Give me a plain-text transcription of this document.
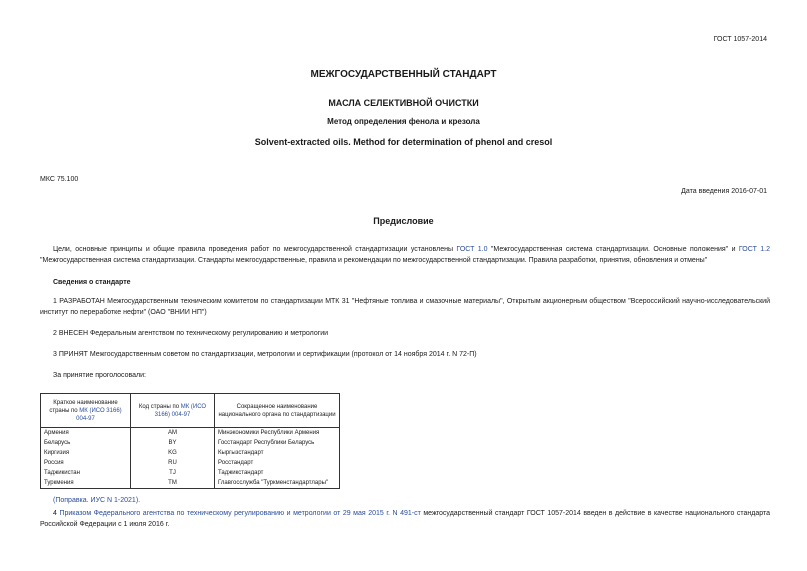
ГОСТ 1057-2014
МЕЖГОСУДАРСТВЕННЫЙ СТАНДАРТ
МАСЛА СЕЛЕКТИВНОЙ ОЧИСТКИ
Метод определения фенола и крезола
Solvent-extracted oils. Method for determination of phenol and cresol
МКС 75.100
Дата введения 2016-07-01
Предисловие
Цели, основные принципы и общие правила проведения работ по межгосударственной стандартизации установлены ГОСТ 1.0 "Межгосударственная система стандартизации. Основные положения" и ГОСТ 1.2 "Межгосударственная система стандартизации. Стандарты межгосударственные, правила и рекомендации по межгосударственной стандартизации. Правила разработки, принятия, обновления и отмены"
Сведения о стандарте
1 РАЗРАБОТАН Межгосударственным техническим комитетом по стандартизации МТК 31 "Нефтяные топлива и смазочные материалы", Открытым акционерным обществом "Всероссийский научно-исследовательский институт по переработке нефти" (ОАО "ВНИИ НП")
2 ВНЕСЕН Федеральным агентством по техническому регулированию и метрологии
3 ПРИНЯТ Межгосударственным советом по стандартизации, метрологии и сертификации (протокол от 14 ноября 2014 г. N 72-П)
За принятие проголосовали:
Краткое наименование страны по МК (ИСО 3166) 004-97	Код страны по МК (ИСО 3166) 004-97	Сокращенное наименование национального органа по стандартизации
Армения	AM	Минэкономики Республики Армения
Беларусь	BY	Госстандарт Республики Беларусь
Киргизия	KG	Кыргызстандарт
Россия	RU	Росстандарт
Таджикистан	TJ	Таджикстандарт
Туркмения	TM	Главгосслужба "Туркменстандартлары"
(Поправка. ИУС N 1-2021).
4 Приказом Федерального агентства по техническому регулированию и метрологии от 29 мая 2015 г. N 491-ст межгосударственный стандарт ГОСТ 1057-2014 введен в действие в качестве национального стандарта Российской Федерации с 1 июля 2016 г.
